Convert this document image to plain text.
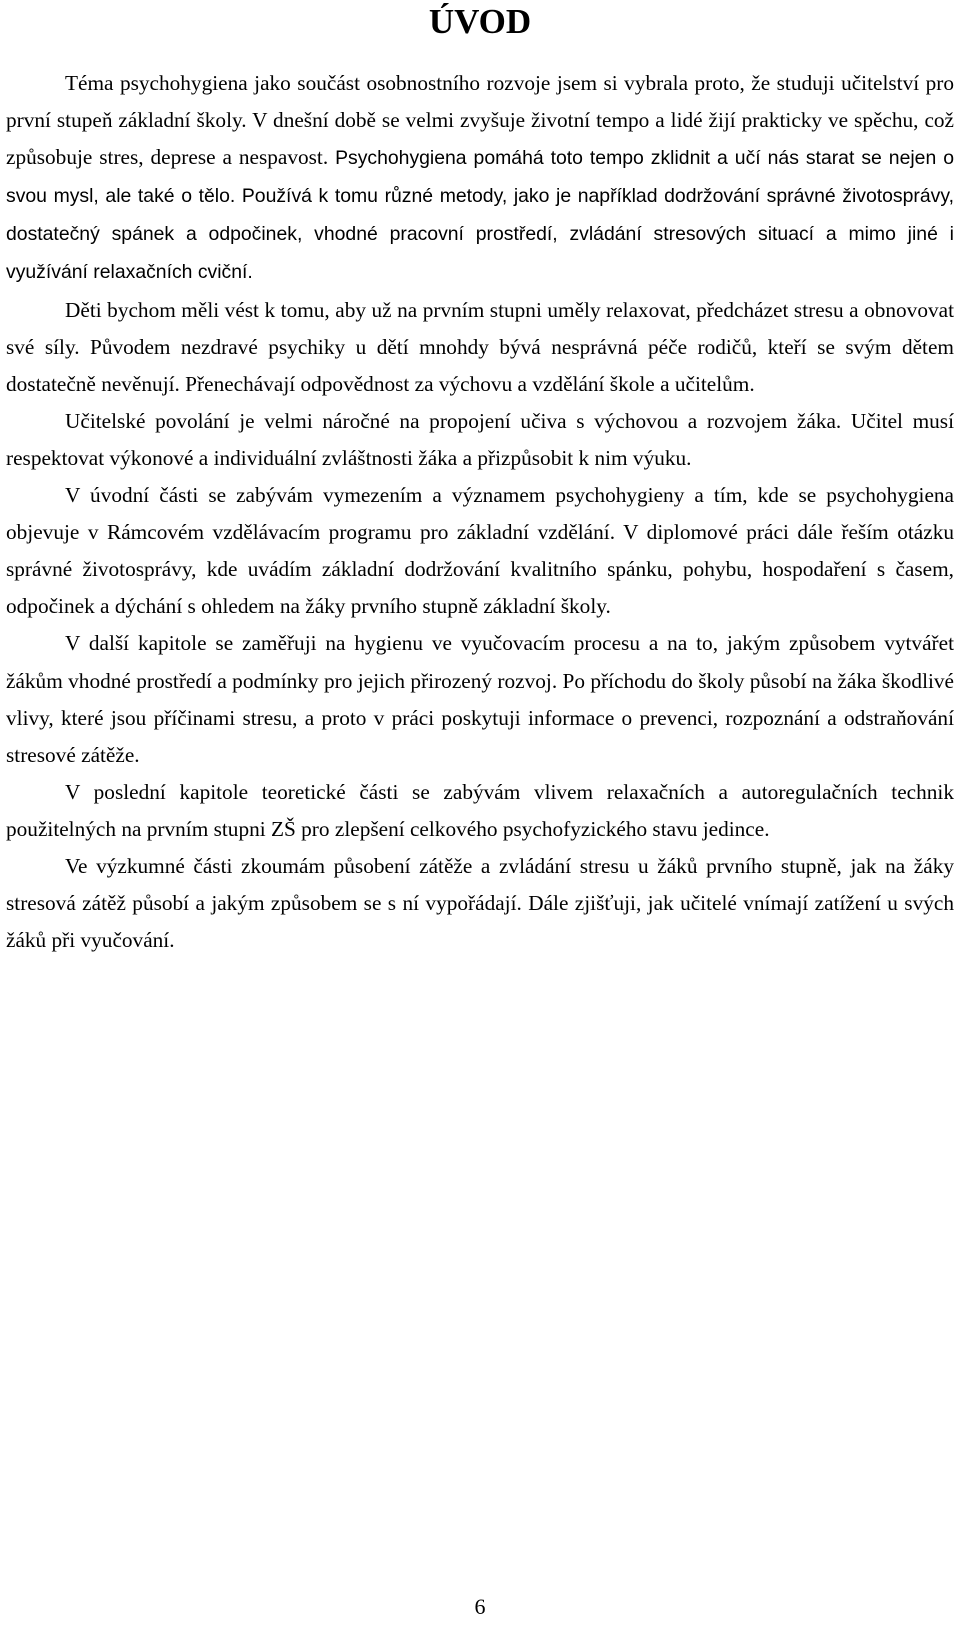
ÚVOD

Téma psychohygiena jako součást osobnostního rozvoje jsem si vybrala proto, že studuji učitelství pro první stupeň základní školy. V dnešní době se velmi zvyšuje životní tempo a lidé žijí prakticky ve spěchu, což způsobuje stres, deprese a nespavost. Psychohygiena pomáhá toto tempo zklidnit a učí nás starat se nejen o svou mysl, ale také o tělo. Používá k tomu různé metody, jako je například dodržování správné životosprávy, dostatečný spánek a odpočinek, vhodné pracovní prostředí, zvládání stresových situací a mimo jiné i využívání relaxačních cviční.

Děti bychom měli vést k tomu, aby už na prvním stupni uměly relaxovat, předcházet stresu a obnovovat své síly. Původem nezdravé psychiky u dětí mnohdy bývá nesprávná péče rodičů, kteří se svým dětem dostatečně nevěnují. Přenechávají odpovědnost za výchovu a vzdělání škole a učitelům.

Učitelské povolání je velmi náročné na propojení učiva s výchovou a rozvojem žáka. Učitel musí respektovat výkonové a individuální zvláštnosti žáka a přizpůsobit k nim výuku.

V úvodní části se zabývám vymezením a významem psychohygieny a tím, kde se psychohygiena objevuje v Rámcovém vzdělávacím programu pro základní vzdělání. V diplomové práci dále řeším otázku správné životosprávy, kde uvádím základní dodržování kvalitního spánku, pohybu, hospodaření s časem, odpočinek a dýchání s ohledem na žáky prvního stupně základní školy.

V další kapitole se zaměřuji na hygienu ve vyučovacím procesu a na to, jakým způsobem vytvářet žákům vhodné prostředí a podmínky pro jejich přirozený rozvoj. Po příchodu do školy působí na žáka škodlivé vlivy, které jsou příčinami stresu, a proto v práci poskytuji informace o prevenci, rozpoznání a odstraňování stresové zátěže.

V poslední kapitole teoretické části se zabývám vlivem relaxačních a autoregulačních technik použitelných na prvním stupni ZŠ pro zlepšení celkového psychofyzického stavu jedince.

Ve výzkumné části zkoumám působení zátěže a zvládání stresu u žáků prvního stupně, jak na žáky stresová zátěž působí a jakým způsobem se s ní vypořádají. Dále zjišťuji, jak učitelé vnímají zatížení u svých žáků při vyučování.

6
